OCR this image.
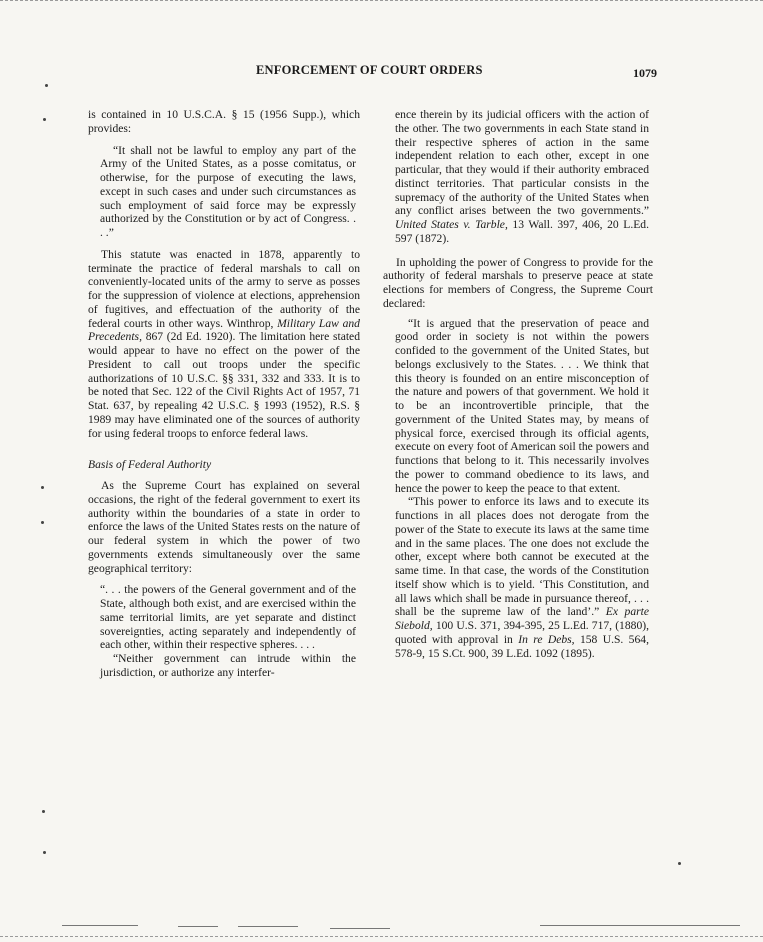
ENFORCEMENT OF COURT ORDERS	1079

is contained in 10 U.S.C.A. § 15 (1956 Supp.), which provides:

“It shall not be lawful to employ any part of the Army of the United States, as a posse comitatus, or otherwise, for the purpose of executing the laws, except in such cases and under such circumstances as such employment of said force may be expressly authorized by the Constitution or by act of Congress. . . .”

This statute was enacted in 1878, apparently to terminate the practice of federal marshals to call on conveniently-located units of the army to serve as posses for the suppression of violence at elections, apprehension of fugitives, and effectuation of the authority of the federal courts in other ways. Winthrop, Military Law and Precedents, 867 (2d Ed. 1920). The limitation here stated would appear to have no effect on the power of the President to call out troops under the specific authorizations of 10 U.S.C. §§ 331, 332 and 333. It is to be noted that Sec. 122 of the Civil Rights Act of 1957, 71 Stat. 637, by repealing 42 U.S.C. § 1993 (1952), R.S. § 1989 may have eliminated one of the sources of authority for using federal troops to enforce federal laws.

Basis of Federal Authority

As the Supreme Court has explained on several occasions, the right of the federal government to exert its authority within the boundaries of a state in order to enforce the laws of the United States rests on the nature of our federal system in which the power of two governments extends simultaneously over the same geographical territory:

“. . . the powers of the General government and of the State, although both exist, and are exercised within the same territorial limits, are yet separate and distinct sovereignties, acting separately and independently of each other, within their respective spheres. . . .

“Neither government can intrude within the jurisdiction, or authorize any interfer-

ence therein by its judicial officers with the action of the other. The two governments in each State stand in their respective spheres of action in the same independent relation to each other, except in one particular, that they would if their authority embraced distinct territories. That particular consists in the supremacy of the authority of the United States when any conflict arises between the two governments.” United States v. Tarble, 13 Wall. 397, 406, 20 L.Ed. 597 (1872).

In upholding the power of Congress to provide for the authority of federal marshals to preserve peace at state elections for members of Congress, the Supreme Court declared:

“It is argued that the preservation of peace and good order in society is not within the powers confided to the government of the United States, but belongs exclusively to the States. . . . We think that this theory is founded on an entire misconception of the nature and powers of that government. We hold it to be an incontrovertible principle, that the government of the United States may, by means of physical force, exercised through its official agents, execute on every foot of American soil the powers and functions that belong to it. This necessarily involves the power to command obedience to its laws, and hence the power to keep the peace to that extent.

“This power to enforce its laws and to execute its functions in all places does not derogate from the power of the State to execute its laws at the same time and in the same places. The one does not exclude the other, except where both cannot be executed at the same time. In that case, the words of the Constitution itself show which is to yield. ‘This Constitution, and all laws which shall be made in pursuance thereof, . . . shall be the supreme law of the land’.” Ex parte Siebold, 100 U.S. 371, 394-395, 25 L.Ed. 717, (1880), quoted with approval in In re Debs, 158 U.S. 564, 578-9, 15 S.Ct. 900, 39 L.Ed. 1092 (1895).
